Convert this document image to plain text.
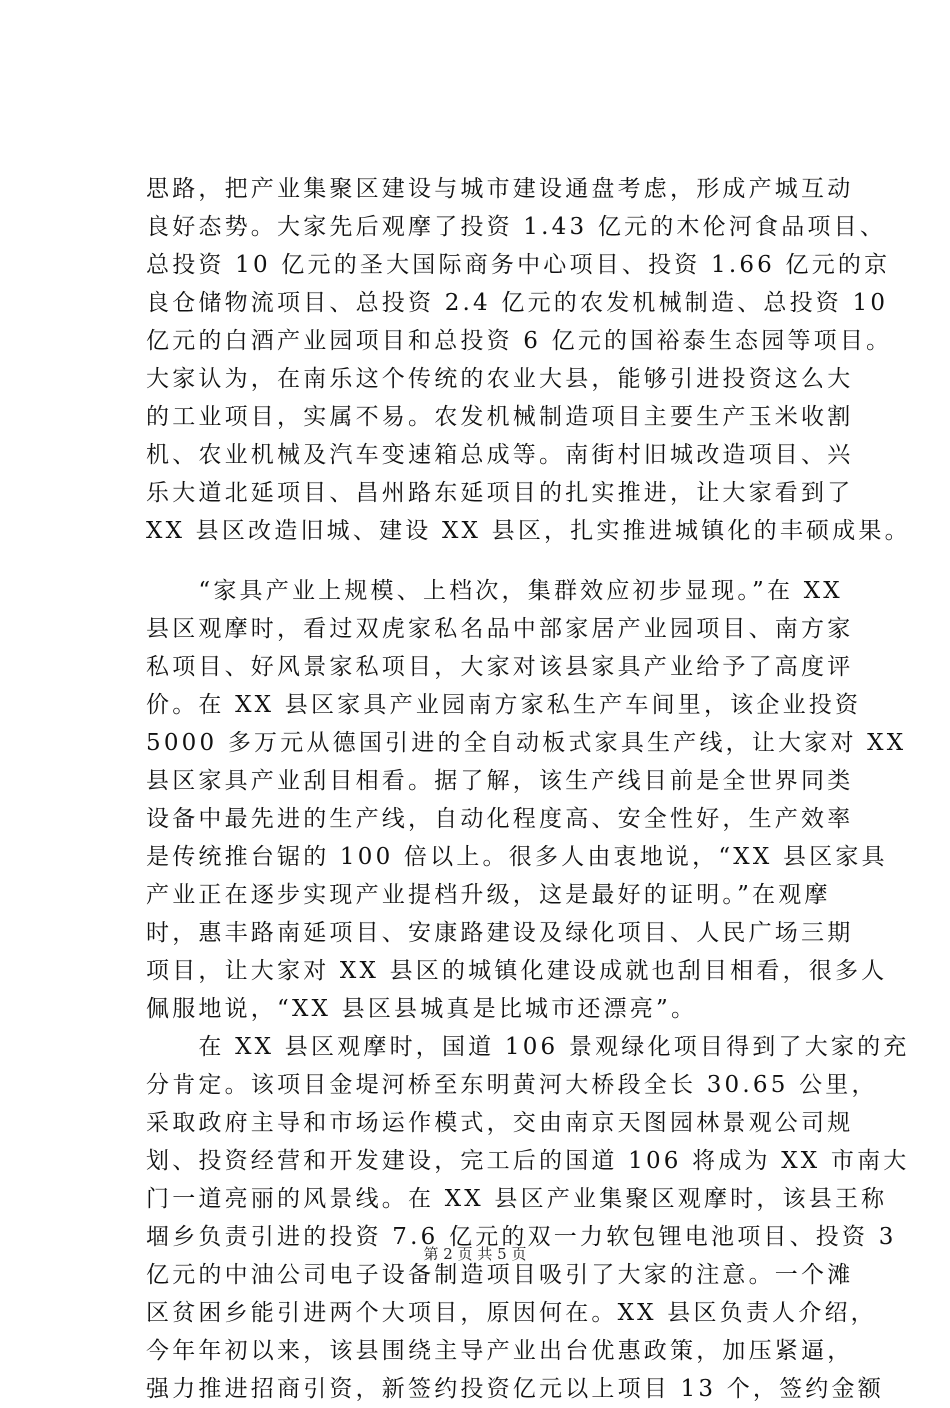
思路，把产业集聚区建设与城市建设通盘考虑，形成产城互动
良好态势。大家先后观摩了投资 1.43 亿元的木伦河食品项目、
总投资 10 亿元的圣大国际商务中心项目、投资 1.66 亿元的京
良仓储物流项目、总投资 2.4 亿元的农发机械制造、总投资 10
亿元的白酒产业园项目和总投资 6 亿元的国裕泰生态园等项目。
大家认为，在南乐这个传统的农业大县，能够引进投资这么大
的工业项目，实属不易。农发机械制造项目主要生产玉米收割
机、农业机械及汽车变速箱总成等。南街村旧城改造项目、兴
乐大道北延项目、昌州路东延项目的扎实推进，让大家看到了
XX 县区改造旧城、建设 XX 县区，扎实推进城镇化的丰硕成果。
　　“家具产业上规模、上档次，集群效应初步显现。”在 XX
县区观摩时，看过双虎家私名品中部家居产业园项目、南方家
私项目、好风景家私项目，大家对该县家具产业给予了高度评
价。在 XX 县区家具产业园南方家私生产车间里，该企业投资
5000 多万元从德国引进的全自动板式家具生产线，让大家对 XX
县区家具产业刮目相看。据了解，该生产线目前是全世界同类
设备中最先进的生产线，自动化程度高、安全性好，生产效率
是传统推台锯的 100 倍以上。很多人由衷地说，“XX 县区家具
产业正在逐步实现产业提档升级，这是最好的证明。”在观摩
时，惠丰路南延项目、安康路建设及绿化项目、人民广场三期
项目，让大家对 XX 县区的城镇化建设成就也刮目相看，很多人
佩服地说，“XX 县区县城真是比城市还漂亮”。
　　在 XX 县区观摩时，国道 106 景观绿化项目得到了大家的充
分肯定。该项目金堤河桥至东明黄河大桥段全长 30.65 公里，
采取政府主导和市场运作模式，交由南京天图园林景观公司规
划、投资经营和开发建设，完工后的国道 106 将成为 XX 市南大
门一道亮丽的风景线。在 XX 县区产业集聚区观摩时，该县王称
堌乡负责引进的投资 7.6 亿元的双一力软包锂电池项目、投资 3
亿元的中油公司电子设备制造项目吸引了大家的注意。一个滩
区贫困乡能引进两个大项目，原因何在。XX 县区负责人介绍，
今年年初以来，该县围绕主导产业出台优惠政策，加压紧逼，
强力推进招商引资，新签约投资亿元以上项目 13 个，签约金额
第 2 页 共 5 页
